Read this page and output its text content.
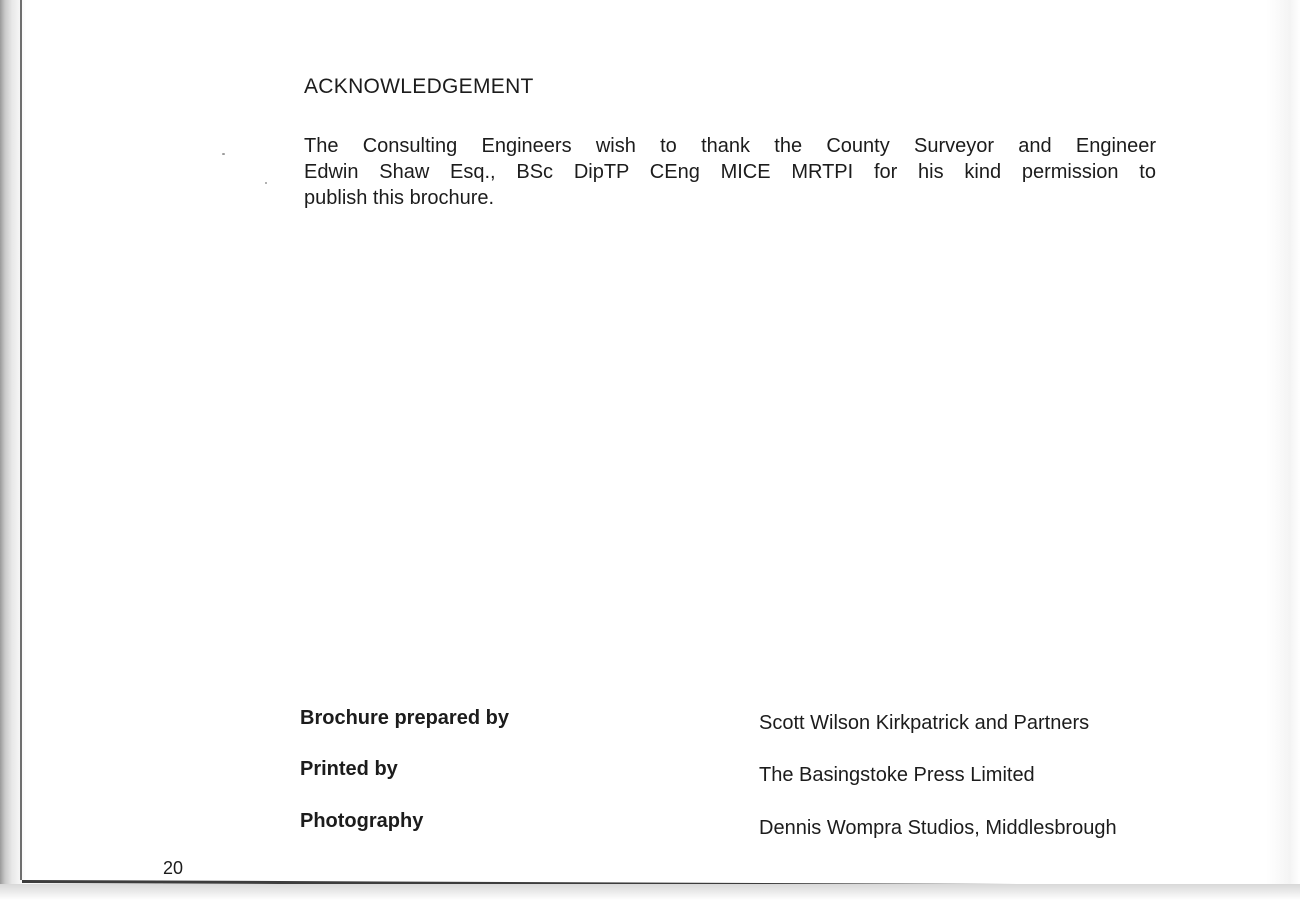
ACKNOWLEDGEMENT
The Consulting Engineers wish to thank the County Surveyor and Engineer
Edwin Shaw Esq., BSc DipTP CEng MICE MRTPI for his kind permission to
publish this brochure.
Brochure prepared by	Scott Wilson Kirkpatrick and Partners
Printed by	The Basingstoke Press Limited
Photography	Dennis Wompra Studios, Middlesbrough
20
